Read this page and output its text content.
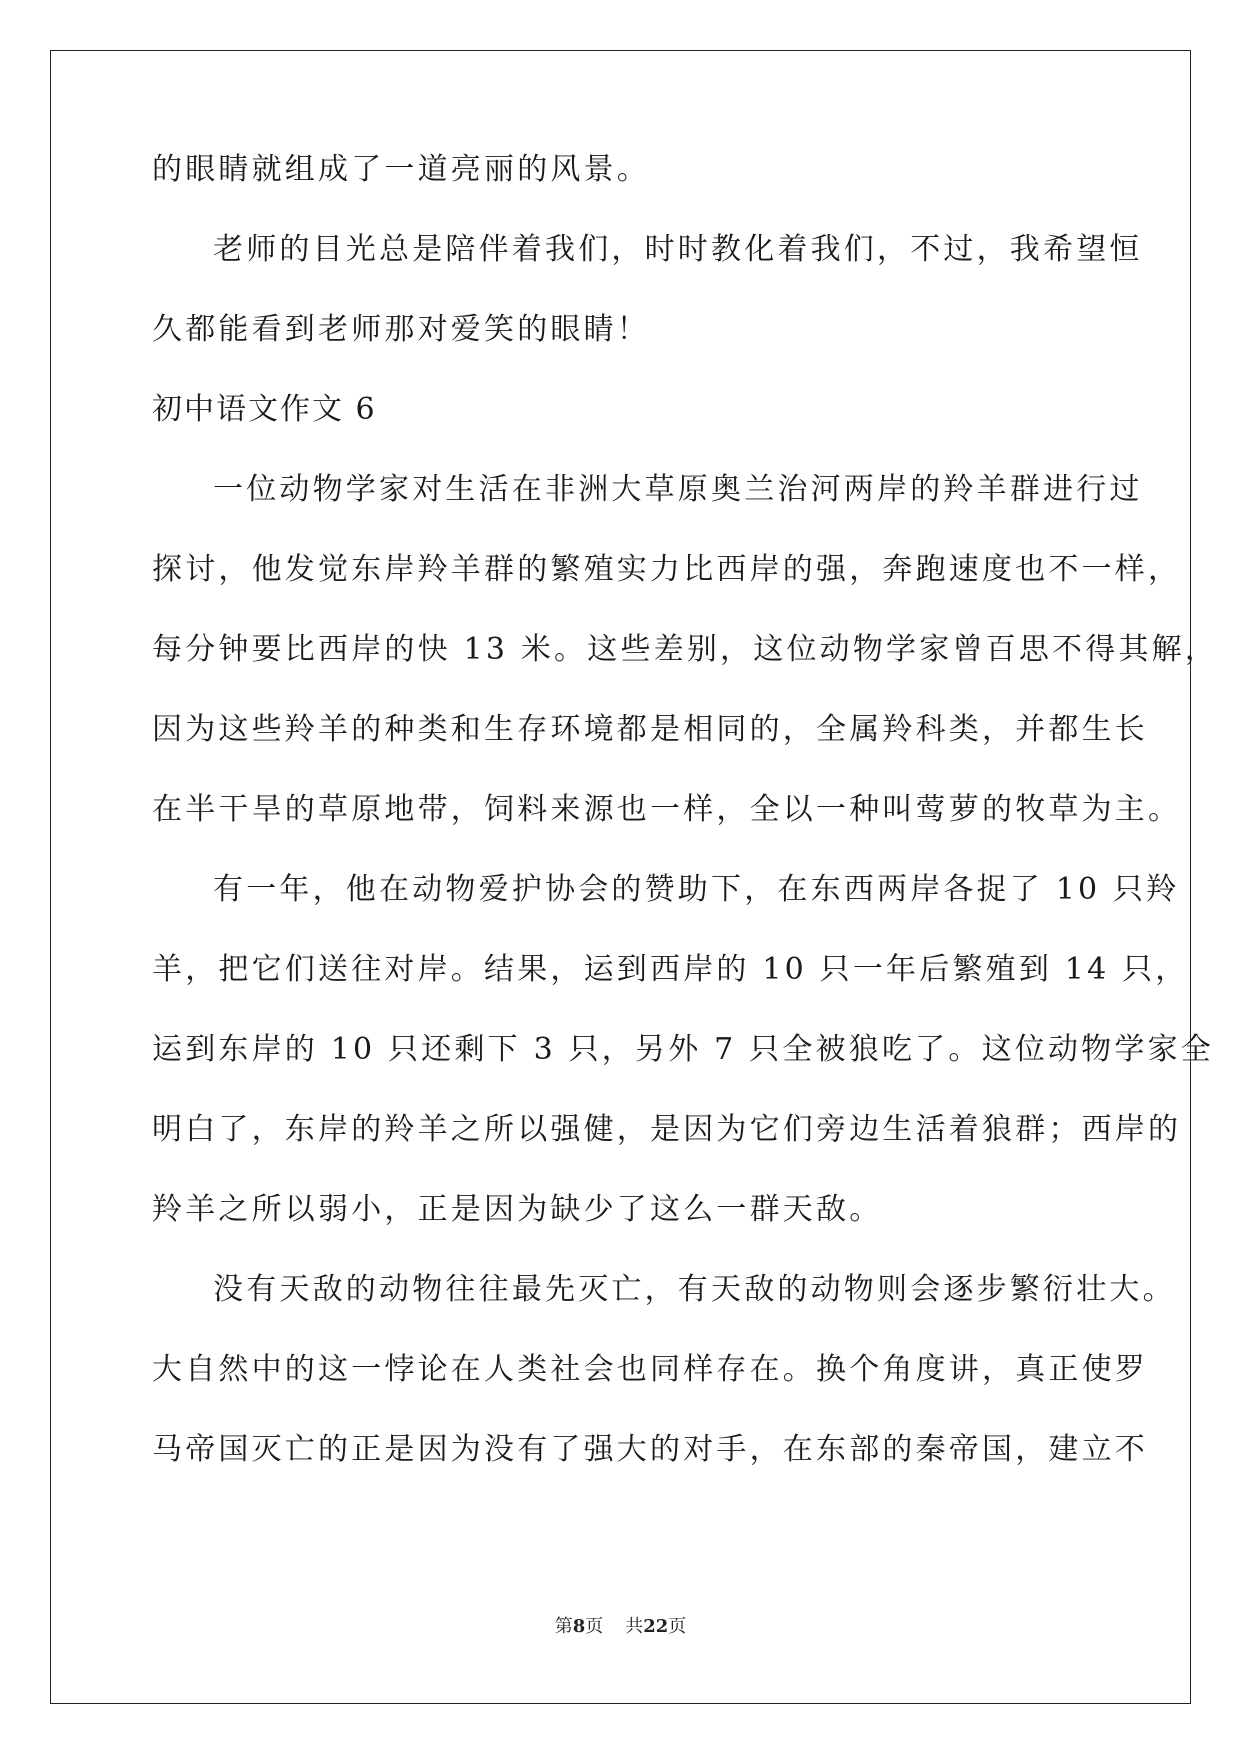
的眼睛就组成了一道亮丽的风景。
老师的目光总是陪伴着我们，时时教化着我们，不过，我希望恒
久都能看到老师那对爱笑的眼睛！
初中语文作文 6
一位动物学家对生活在非洲大草原奥兰治河两岸的羚羊群进行过
探讨，他发觉东岸羚羊群的繁殖实力比西岸的强，奔跑速度也不一样，
每分钟要比西岸的快 13 米。这些差别，这位动物学家曾百思不得其解，
因为这些羚羊的种类和生存环境都是相同的，全属羚科类，并都生长
在半干旱的草原地带，饲料来源也一样，全以一种叫莺萝的牧草为主。
有一年，他在动物爱护协会的赞助下，在东西两岸各捉了 10 只羚
羊，把它们送往对岸。结果，运到西岸的 10 只一年后繁殖到 14 只，
运到东岸的 10 只还剩下 3 只，另外 7 只全被狼吃了。这位动物学家全
明白了，东岸的羚羊之所以强健，是因为它们旁边生活着狼群；西岸的
羚羊之所以弱小，正是因为缺少了这么一群天敌。
没有天敌的动物往往最先灭亡，有天敌的动物则会逐步繁衍壮大。
大自然中的这一悖论在人类社会也同样存在。换个角度讲，真正使罗
马帝国灭亡的正是因为没有了强大的对手，在东部的秦帝国，建立不
第8页 共22页
